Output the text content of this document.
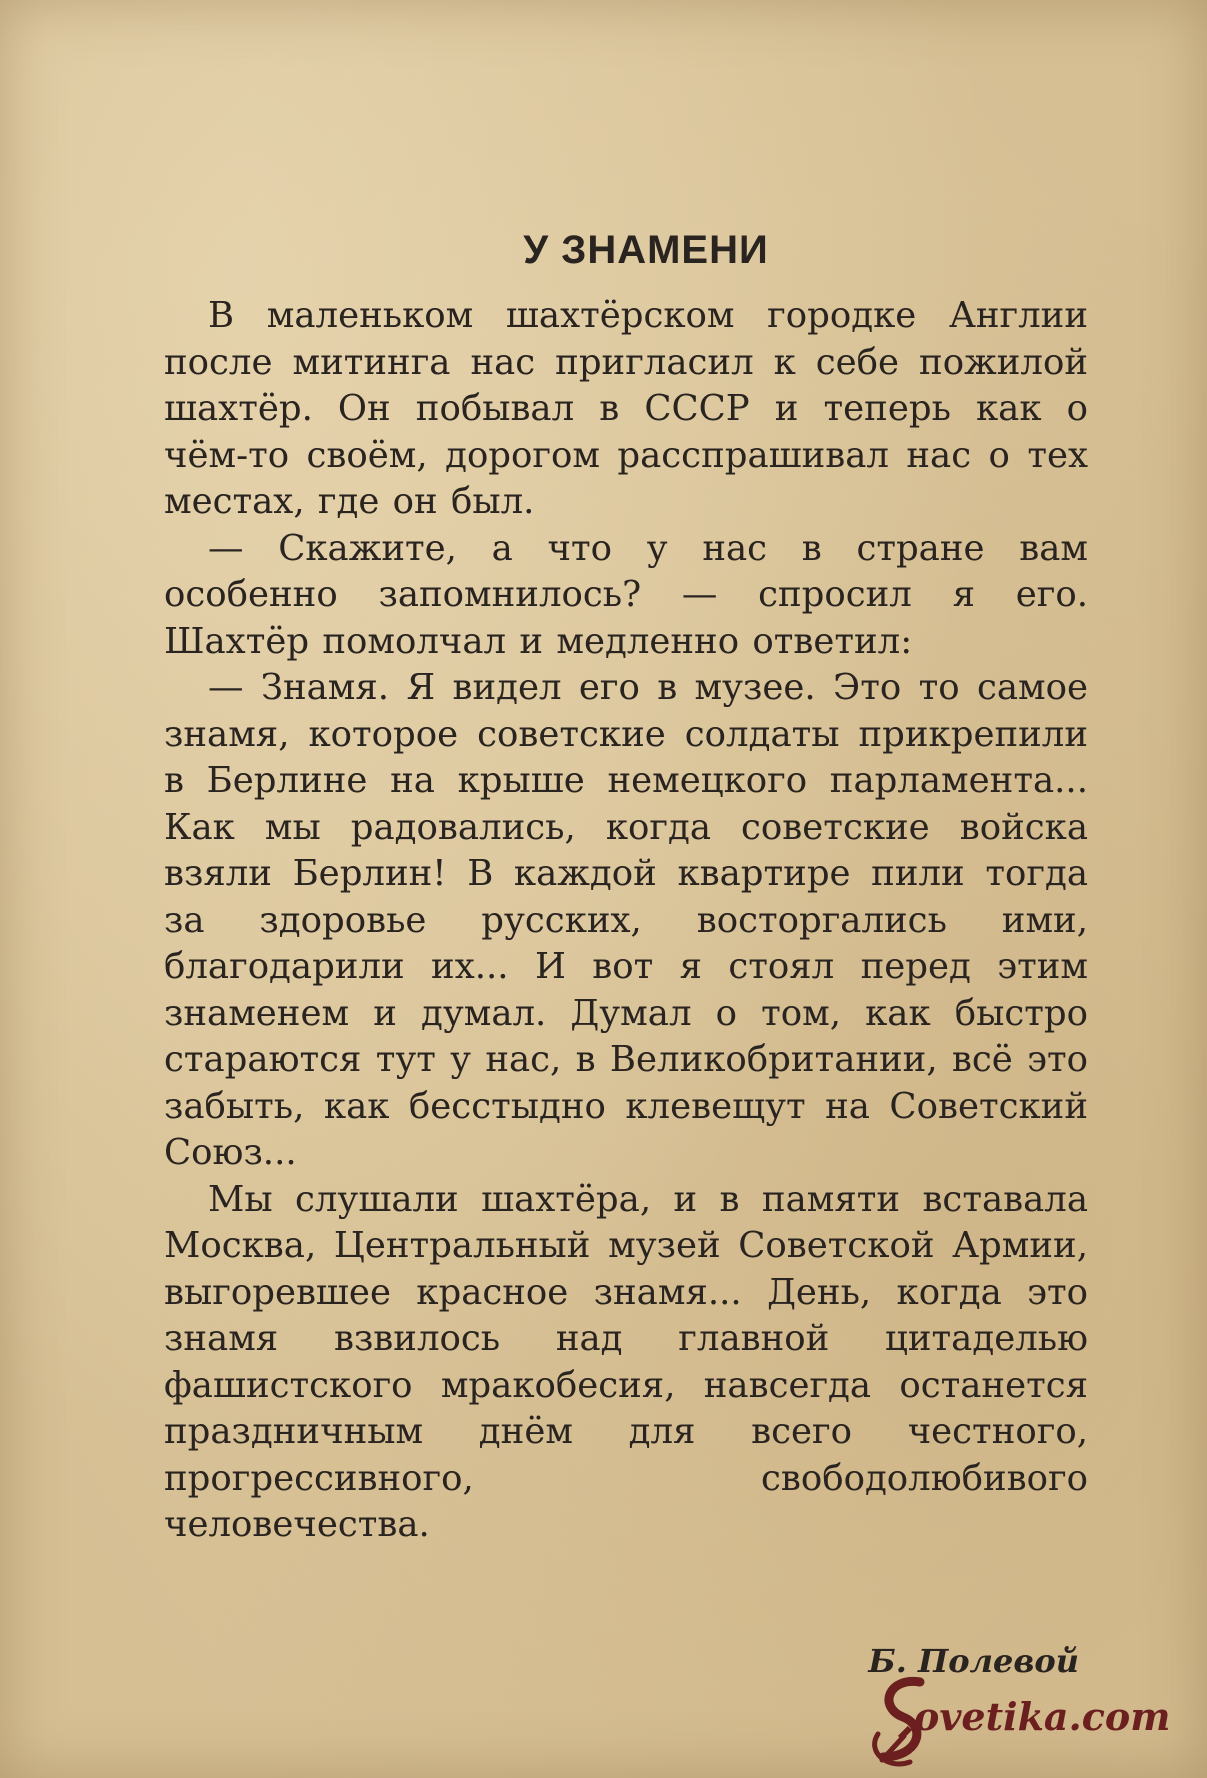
У ЗНАМЕНИ

В маленьком шахтёрском городке Англии после митинга нас пригласил к себе пожилой шахтёр. Он побывал в СССР и теперь как о чём-то своём, дорогом расспрашивал нас о тех местах, где он был.

— Скажите, а что у нас в стране вам особенно запомнилось? — спросил я его. Шахтёр помолчал и медленно ответил:

— Знамя. Я видел его в музее. Это то самое знамя, которое советские солдаты прикрепили в Берлине на крыше немецкого парламента... Как мы радовались, когда советские войска взяли Берлин! В каждой квартире пили тогда за здоровье русских, восторгались ими, благодарили их... И вот я стоял перед этим знаменем и думал. Думал о том, как быстро стараются тут у нас, в Великобритании, всё это забыть, как бесстыдно клевещут на Советский Союз...

Мы слушали шахтёра, и в памяти вставала Москва, Центральный музей Советской Армии, выгоревшее красное знамя... День, когда это знамя взвилось над главной цитаделью фашистского мракобесия, навсегда останется праздничным днём для всего честного, прогрессивного, свободолюбивого человечества.

Б. Полевой
ovetika.com
